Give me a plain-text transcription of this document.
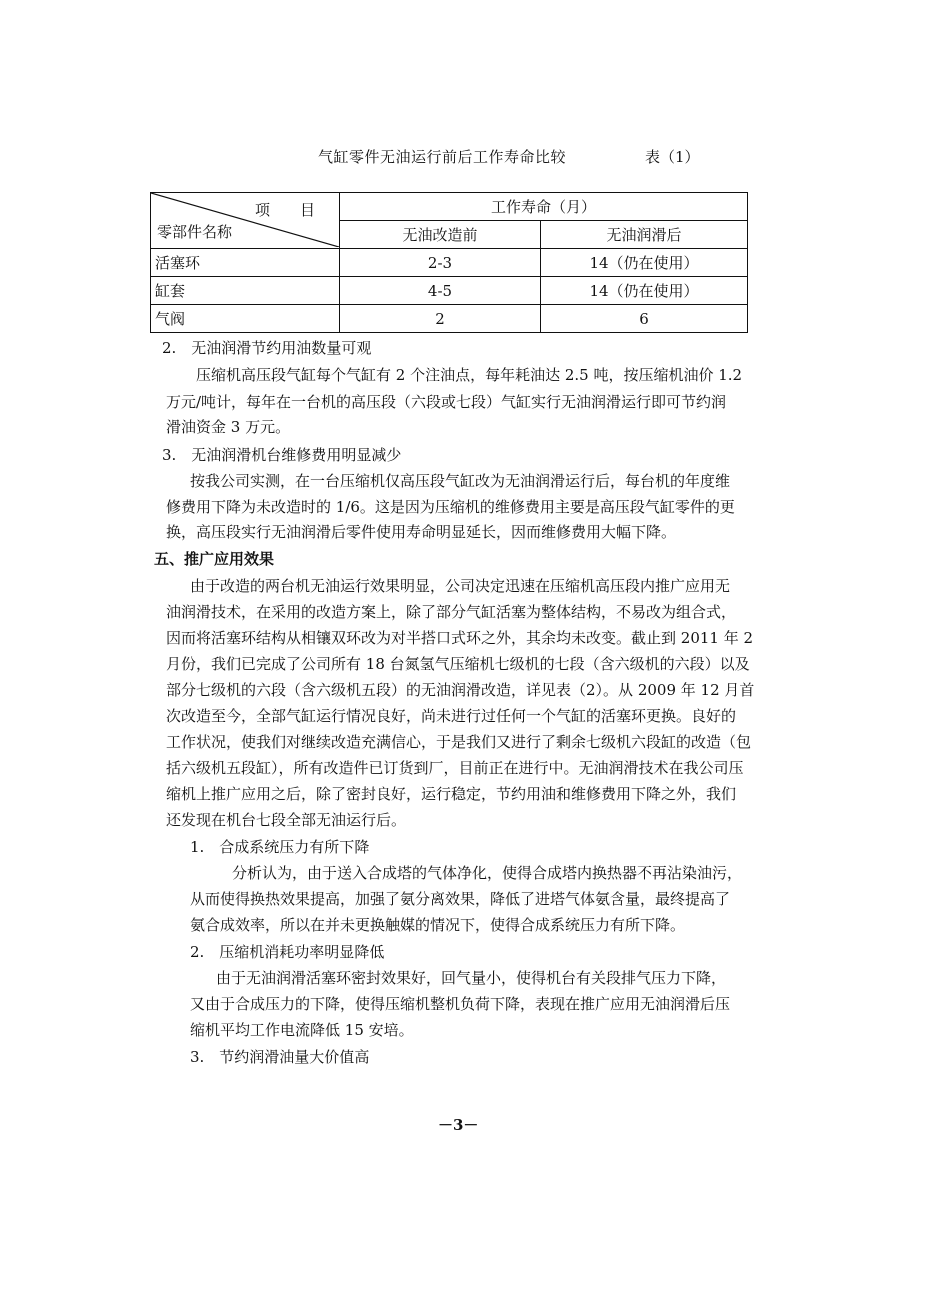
气缸零件无油运行前后工作寿命比较	表（1）
项　　目
零部件名称	工作寿命（月）	
	无油改造前	无油润滑后
活塞环	2-3	14（仍在使用）
缸套	4-5	14（仍在使用）
气阀	2	6
2.　无油润滑节约用油数量可观
压缩机高压段气缸每个气缸有 2 个注油点，每年耗油达 2.5 吨，按压缩机油价 1.2
万元/吨计，每年在一台机的高压段（六段或七段）气缸实行无油润滑运行即可节约润
滑油资金 3 万元。
3.　无油润滑机台维修费用明显减少
按我公司实测，在一台压缩机仅高压段气缸改为无油润滑运行后，每台机的年度维
修费用下降为未改造时的 1/6。这是因为压缩机的维修费用主要是高压段气缸零件的更
换，高压段实行无油润滑后零件使用寿命明显延长，因而维修费用大幅下降。
五、推广应用效果
由于改造的两台机无油运行效果明显，公司决定迅速在压缩机高压段内推广应用无
油润滑技术，在采用的改造方案上，除了部分气缸活塞为整体结构，不易改为组合式，
因而将活塞环结构从相镶双环改为对半搭口式环之外，其余均未改变。截止到 2011 年 2
月份，我们已完成了公司所有 18 台氮氢气压缩机七级机的七段（含六级机的六段）以及
部分七级机的六段（含六级机五段）的无油润滑改造，详见表（2）。从 2009 年 12 月首
次改造至今，全部气缸运行情况良好，尚未进行过任何一个气缸的活塞环更换。良好的
工作状况，使我们对继续改造充满信心，于是我们又进行了剩余七级机六段缸的改造（包
括六级机五段缸），所有改造件已订货到厂，目前正在进行中。无油润滑技术在我公司压
缩机上推广应用之后，除了密封良好，运行稳定，节约用油和维修费用下降之外，我们
还发现在机台七段全部无油运行后。
1.　合成系统压力有所下降
分析认为，由于送入合成塔的气体净化，使得合成塔内换热器不再沾染油污，
从而使得换热效果提高，加强了氨分离效果，降低了进塔气体氨含量，最终提高了
氨合成效率，所以在并未更换触媒的情况下，使得合成系统压力有所下降。
2.　压缩机消耗功率明显降低
由于无油润滑活塞环密封效果好，回气量小，使得机台有关段排气压力下降，
又由于合成压力的下降，使得压缩机整机负荷下降，表现在推广应用无油润滑后压
缩机平均工作电流降低 15 安培。
3.　节约润滑油量大价值高
－3－
